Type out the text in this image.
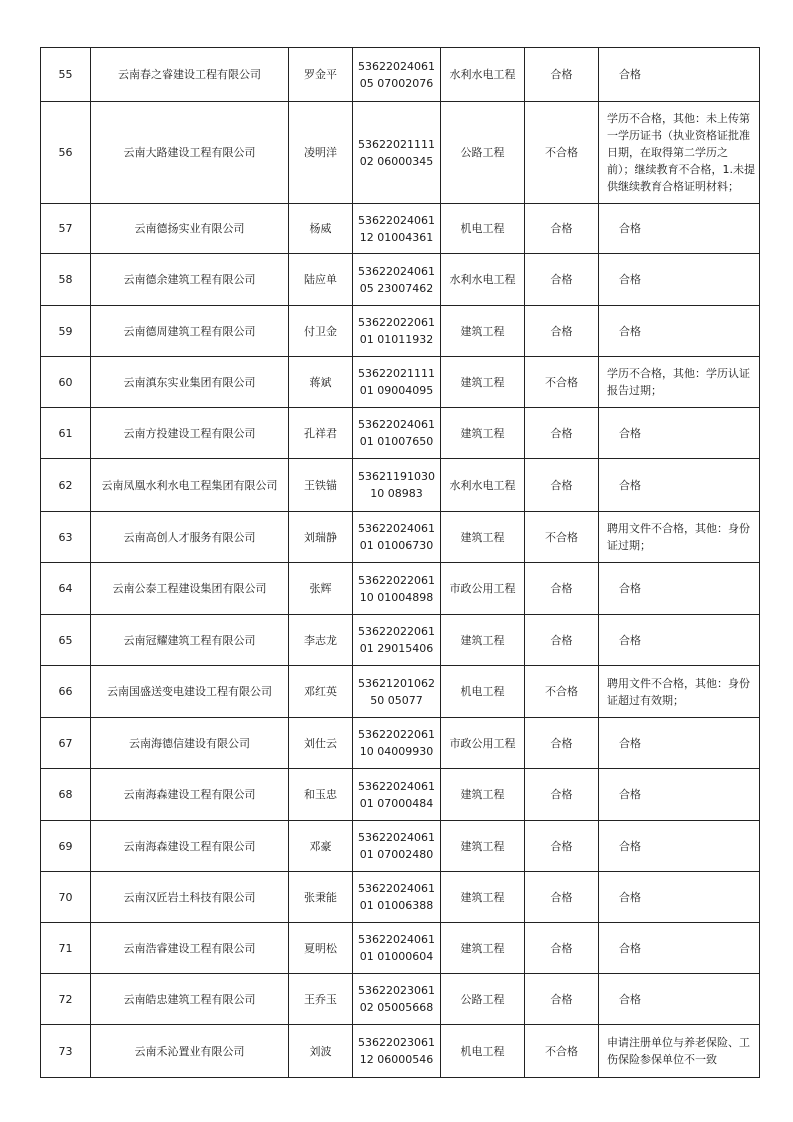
55	云南春之睿建设工程有限公司	罗金平	5362202406105 07002076	水利水电工程	合格	合格
56	云南大路建设工程有限公司	凌明洋	5362202111102 06000345	公路工程	不合格	学历不合格，其他：未上传第一学历证书（执业资格证批准日期，在取得第二学历之前）；继续教育不合格，1.未提供继续教育合格证明材料；
57	云南德扬实业有限公司	杨威	5362202406112 01004361	机电工程	合格	合格
58	云南德余建筑工程有限公司	陆应单	5362202406105 23007462	水利水电工程	合格	合格
59	云南德周建筑工程有限公司	付卫金	5362202206101 01011932	建筑工程	合格	合格
60	云南滇东实业集团有限公司	蒋斌	5362202111101 09004095	建筑工程	不合格	学历不合格，其他：学历认证报告过期；
61	云南方投建设工程有限公司	孔祥君	5362202406101 01007650	建筑工程	合格	合格
62	云南凤凰水利水电工程集团有限公司	王铁锚	5362119103010 08983	水利水电工程	合格	合格
63	云南高创人才服务有限公司	刘瑞静	5362202406101 01006730	建筑工程	不合格	聘用文件不合格，其他：身份证过期；
64	云南公泰工程建设集团有限公司	张辉	5362202206110 01004898	市政公用工程	合格	合格
65	云南冠耀建筑工程有限公司	李志龙	5362202206101 29015406	建筑工程	合格	合格
66	云南国盛送变电建设工程有限公司	邓红英	5362120106250 05077	机电工程	不合格	聘用文件不合格，其他：身份证超过有效期；
67	云南海德信建设有限公司	刘仕云	5362202206110 04009930	市政公用工程	合格	合格
68	云南海森建设工程有限公司	和玉忠	5362202406101 07000484	建筑工程	合格	合格
69	云南海森建设工程有限公司	邓豪	5362202406101 07002480	建筑工程	合格	合格
70	云南汉匠岩土科技有限公司	张秉能	5362202406101 01006388	建筑工程	合格	合格
71	云南浩睿建设工程有限公司	夏明松	5362202406101 01000604	建筑工程	合格	合格
72	云南皓忠建筑工程有限公司	王乔玉	5362202306102 05005668	公路工程	合格	合格
73	云南禾沁置业有限公司	刘波	5362202306112 06000546	机电工程	不合格	申请注册单位与养老保险、工伤保险参保单位不一致
